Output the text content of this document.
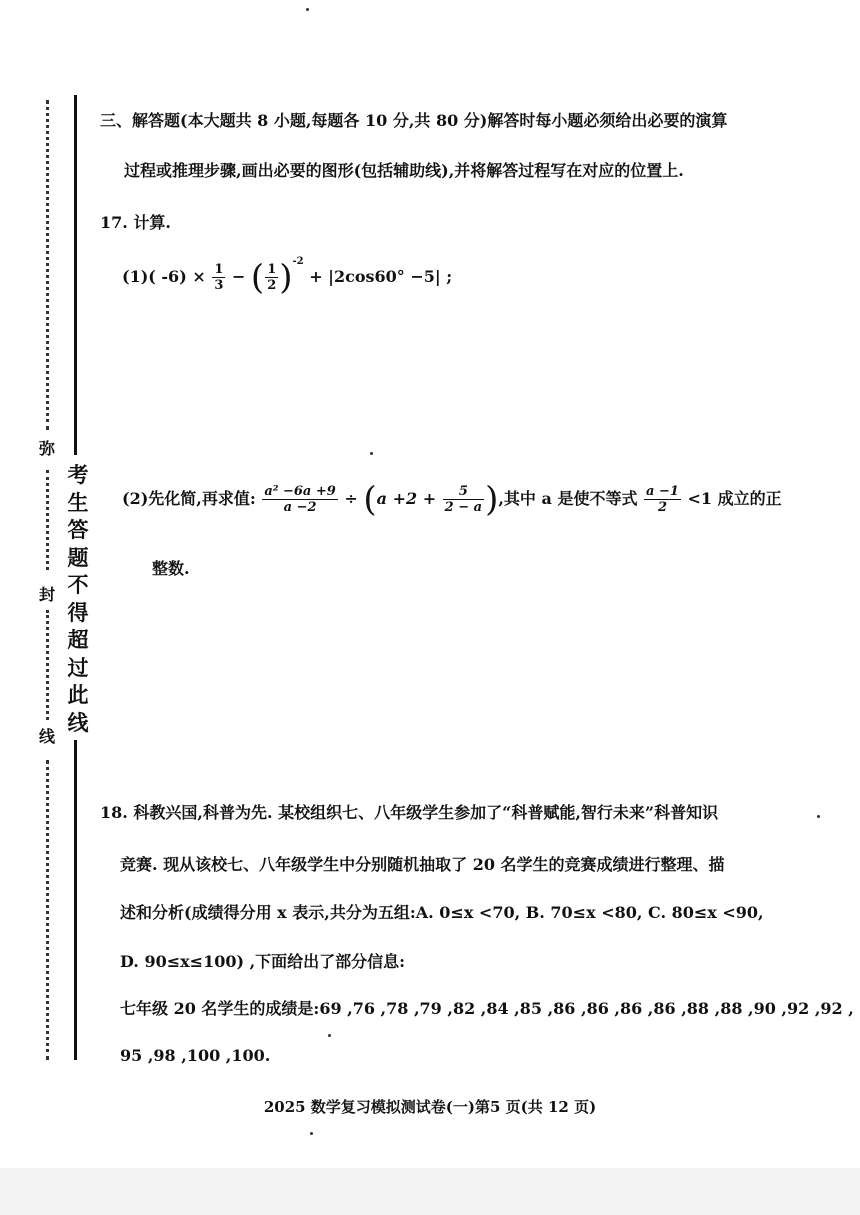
弥
封
线
考
生
答
题
不
得
超
过
此
线
三、解答题(本大题共 8 小题,每题各 10 分,共 80 分)解答时每小题必须给出必要的演算
过程或推理步骤,画出必要的图形(包括辅助线),并将解答过程写在对应的位置上.
17. 计算.
(1)( $-6) \times \frac{1}{3}$ − ( $\frac{1}{2} )^{-2} + |2\cos 60^\circ -5|$ ;
(2)先化简,再求值: $\frac{\text{a² −6a +9}}{a -2} \div (a +2 + \frac{5}{2 - a}$ ),其中 a 是使不等式 $\frac{a -1}{2} <1$ 成立的正
整数.
18. 科教兴国,科普为先. 某校组织七、八年级学生参加了“科普赋能,智行未来”科普知识
竞赛. 现从该校七、八年级学生中分别随机抽取了 20 名学生的竞赛成绩进行整理、描
述和分析(成绩得分用 x 表示,共分为五组:A. 0≤x <70, B. 70≤x <80, C. 80≤x <90,
D. 90≤x≤100) ,下面给出了部分信息:
七年级 20 名学生的成绩是:69 ,76 ,78 ,79 ,82 ,84 ,85 ,86 ,86 ,86 ,86 ,88 ,88 ,90 ,92 ,92 ,
95 ,98 ,100 ,100.
2025 数学复习模拟测试卷(一)第5 页(共 12 页)
